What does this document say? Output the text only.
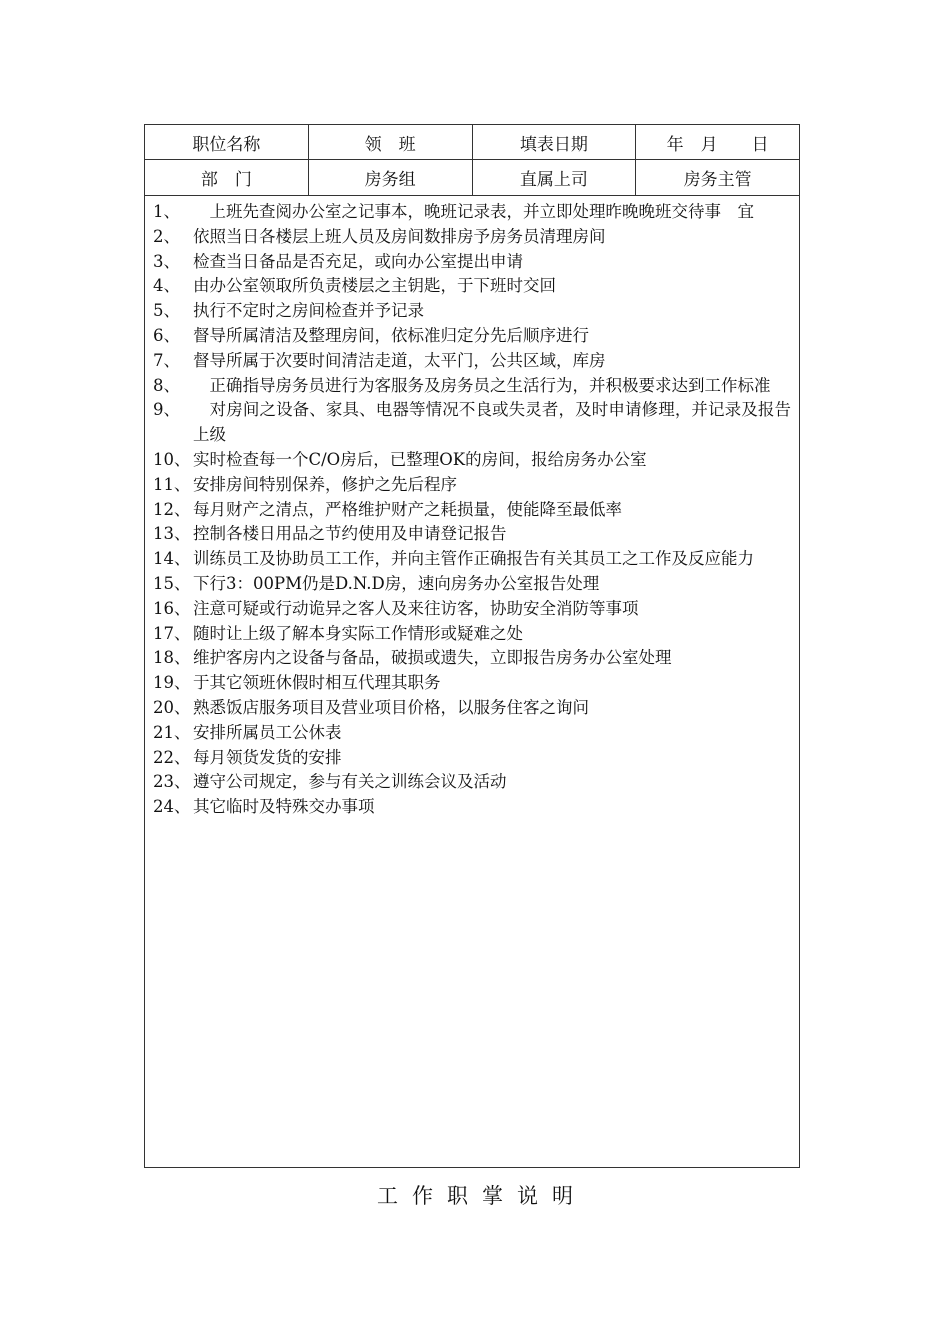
职位名称	领　班	填表日期	年　月　　日
部　门	房务组	直属上司	房务主管
1、 　上班先查阅办公室之记事本，晚班记录表，并立即处理昨晚晚班交待事　宜
2、 依照当日各楼层上班人员及房间数排房予房务员清理房间
3、 检查当日备品是否充足，或向办公室提出申请
4、 由办公室领取所负责楼层之主钥匙，于下班时交回
5、 执行不定时之房间检查并予记录
6、 督导所属清洁及整理房间，依标准归定分先后顺序进行
7、 督导所属于次要时间清洁走道，太平门，公共区域，库房
8、 　正确指导房务员进行为客服务及房务员之生活行为，并积极要求达到工作标准
9、 　对房间之设备、家具、电器等情况不良或失灵者，及时申请修理，并记录及报告上级
10、 实时检查每一个C/O房后，已整理OK的房间，报给房务办公室
11、 安排房间特别保养，修护之先后程序
12、 每月财产之清点，严格维护财产之耗损量，使能降至最低率
13、 控制各楼日用品之节约使用及申请登记报告
14、 训练员工及协助员工工作，并向主管作正确报告有关其员工之工作及反应能力
15、 下行3：00PM仍是D.N.D房，速向房务办公室报告处理
16、 注意可疑或行动诡异之客人及来往访客，协助安全消防等事项
17、 随时让上级了解本身实际工作情形或疑难之处
18、 维护客房内之设备与备品，破损或遗失，立即报告房务办公室处理
19、 于其它领班休假时相互代理其职务
20、 熟悉饭店服务项目及营业项目价格，以服务住客之询问
21、 安排所属员工公休表
22、 每月领货发货的安排
23、 遵守公司规定，参与有关之训练会议及活动
24、 其它临时及特殊交办事项
工作职掌说明
